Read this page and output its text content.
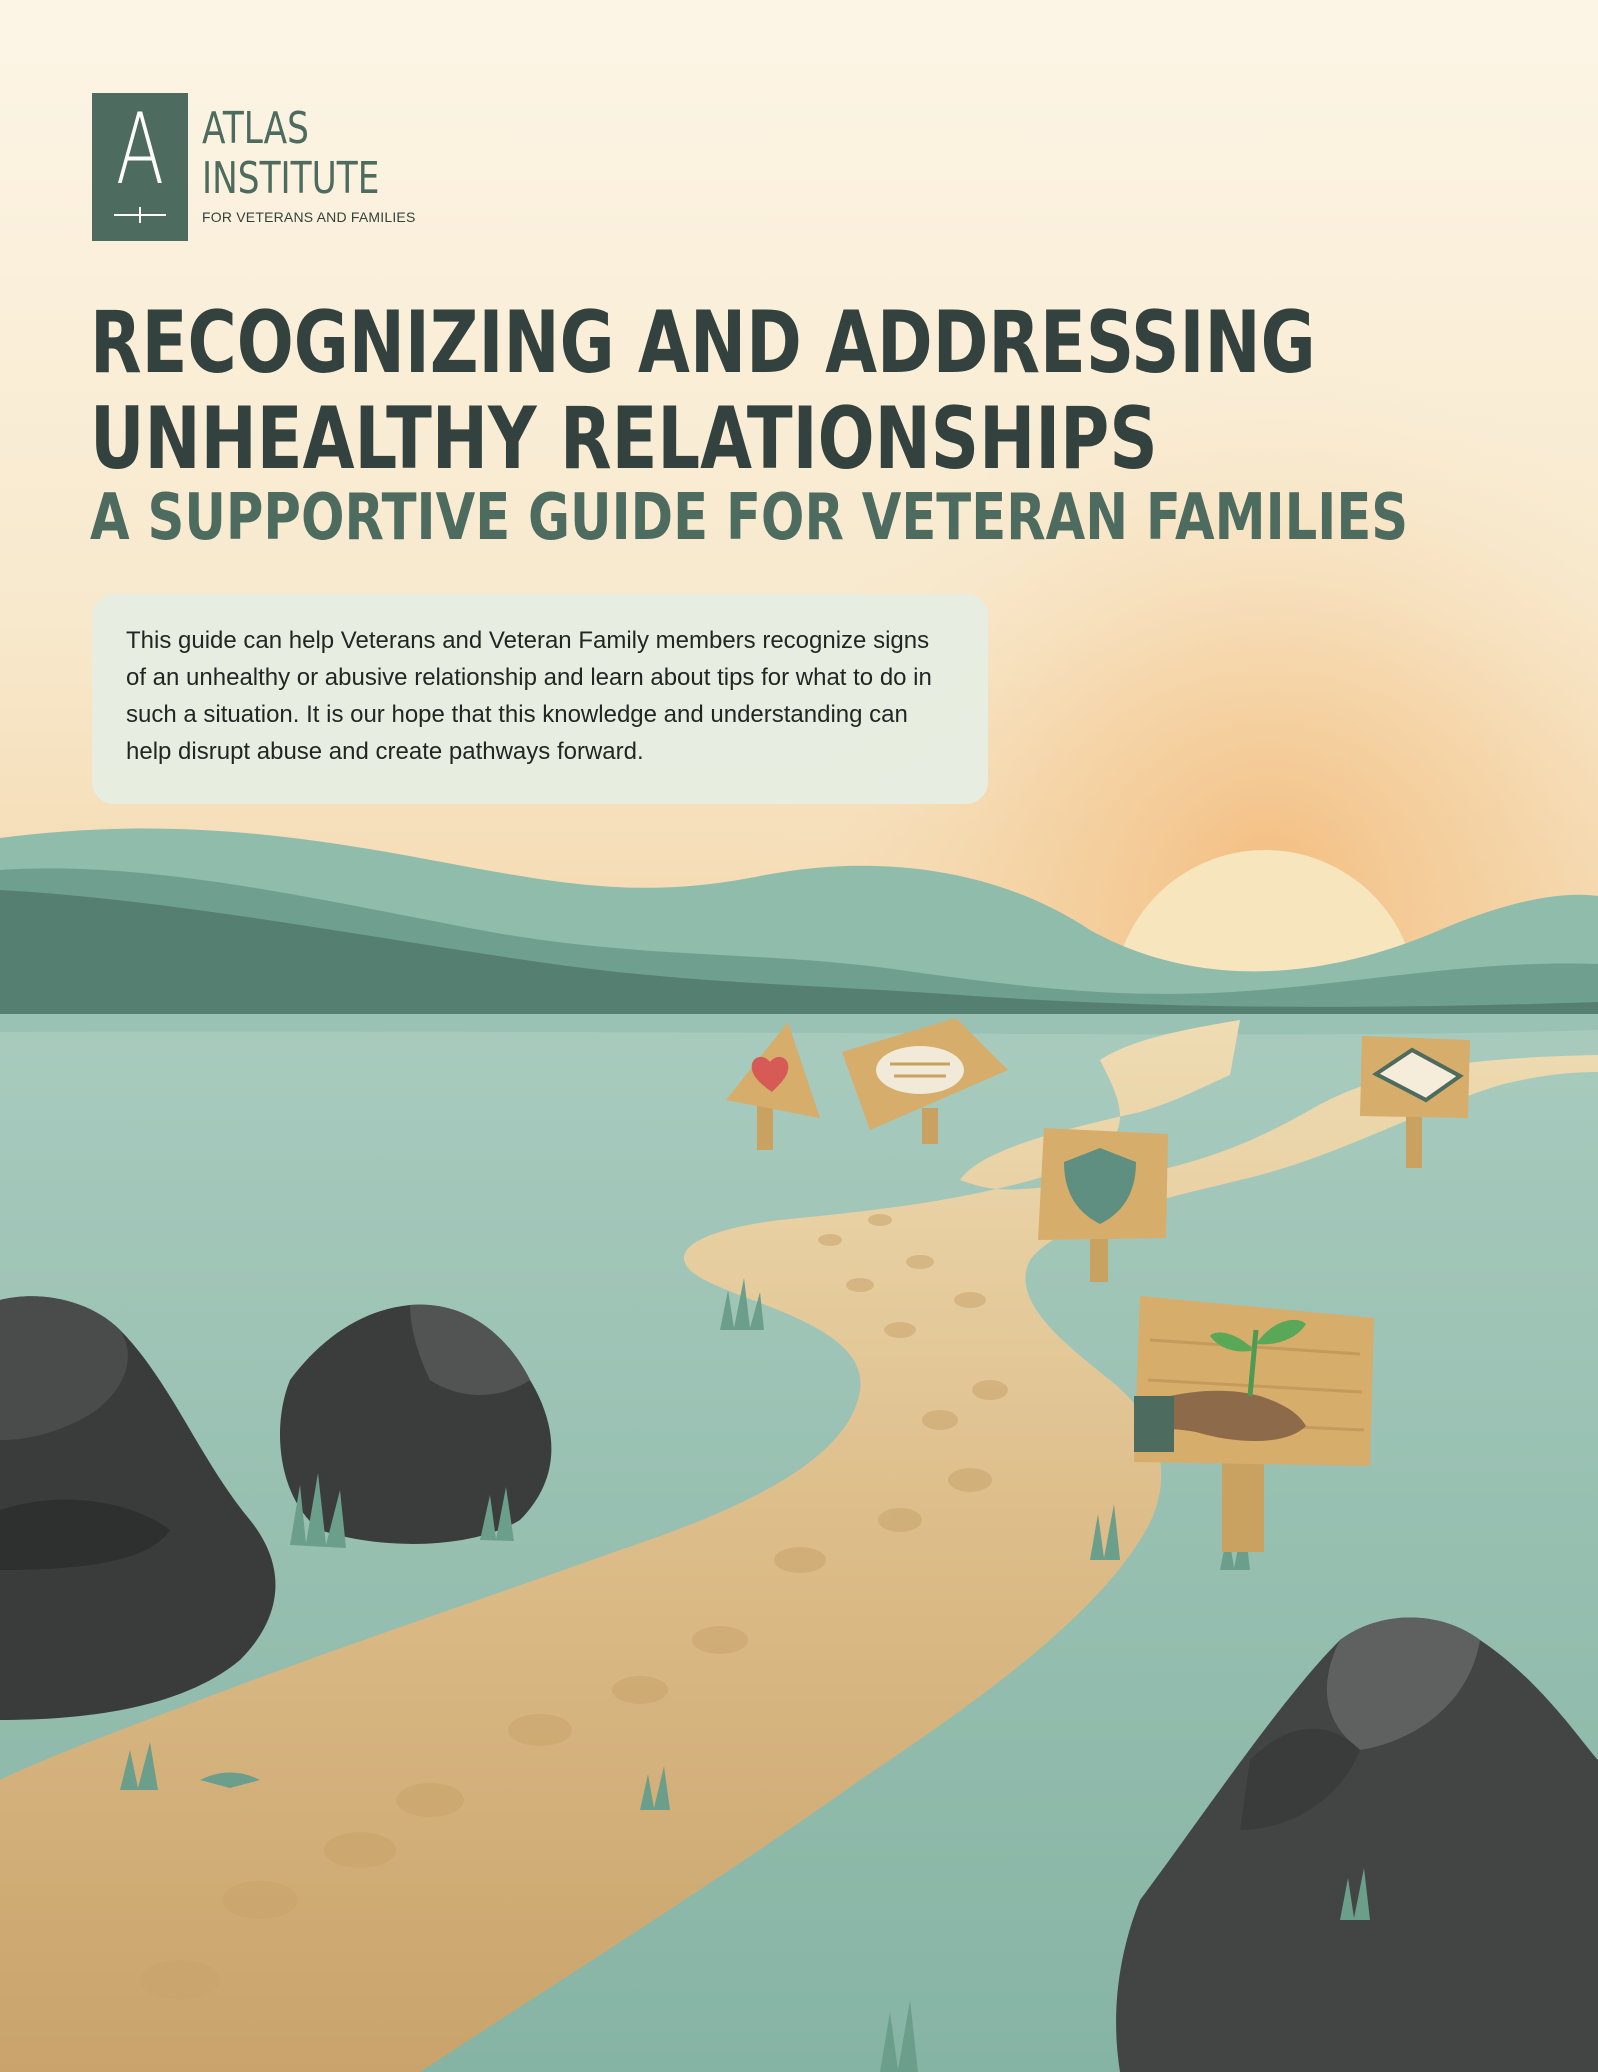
A ATLAS
INSTITUTE
FOR VETERANS AND FAMILIES
RECOGNIZING AND ADDRESSING
UNHEALTHY RELATIONSHIPS
A SUPPORTIVE GUIDE FOR VETERAN FAMILIES

This guide can help Veterans and Veteran Family members recognize signs of an unhealthy or abusive relationship and learn about tips for what to do in such a situation. It is our hope that this knowledge and understanding can help disrupt abuse and create pathways forward.
